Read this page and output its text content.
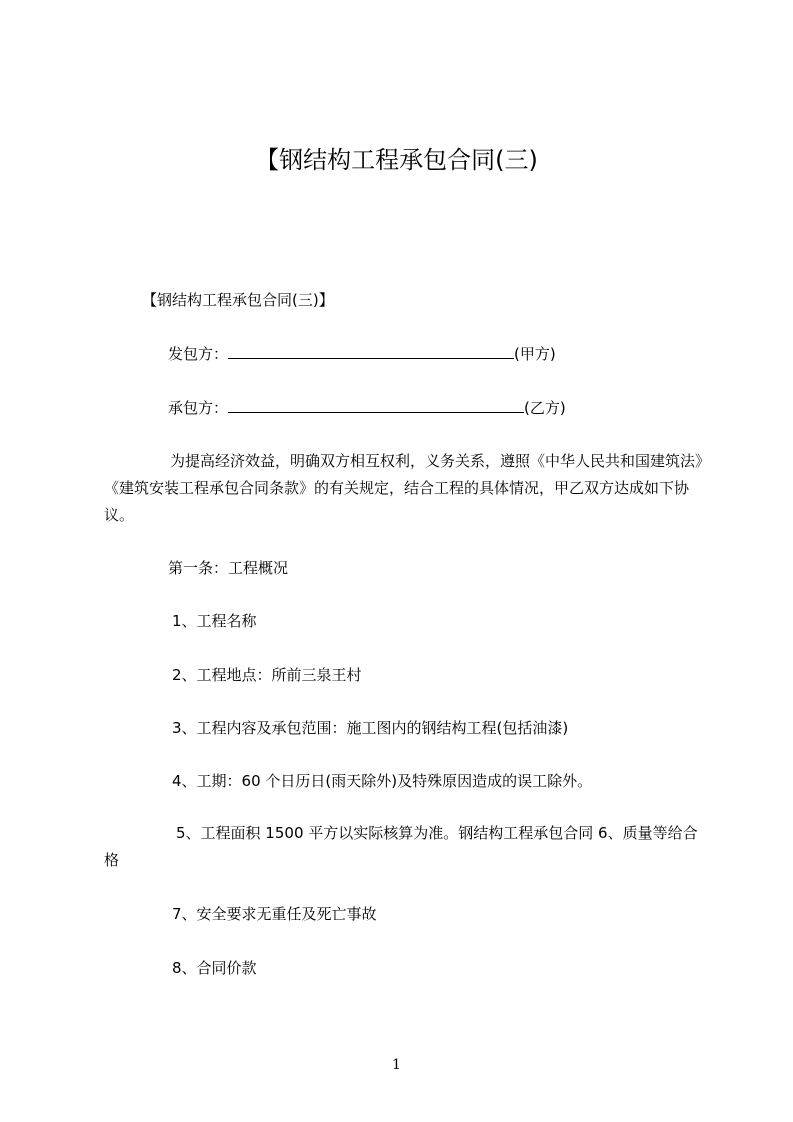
【钢结构工程承包合同(三)
【钢结构工程承包合同(三)】
发包方：	(甲方)
承包方：	(乙方)
为提高经济效益，明确双方相互权利，义务关系，遵照《中华人民共和国建筑法》《建筑安装工程承包合同条款》的有关规定，结合工程的具体情况，甲乙双方达成如下协议。
第一条：工程概况
1、工程名称
2、工程地点：所前三泉王村
3、工程内容及承包范围：施工图内的钢结构工程(包括油漆)
4、工期：60 个日历日(雨天除外)及特殊原因造成的误工除外。
5、工程面积 1500 平方以实际核算为准。钢结构工程承包合同 6、质量等给合格
7、安全要求无重任及死亡事故
8、合同价款
1
